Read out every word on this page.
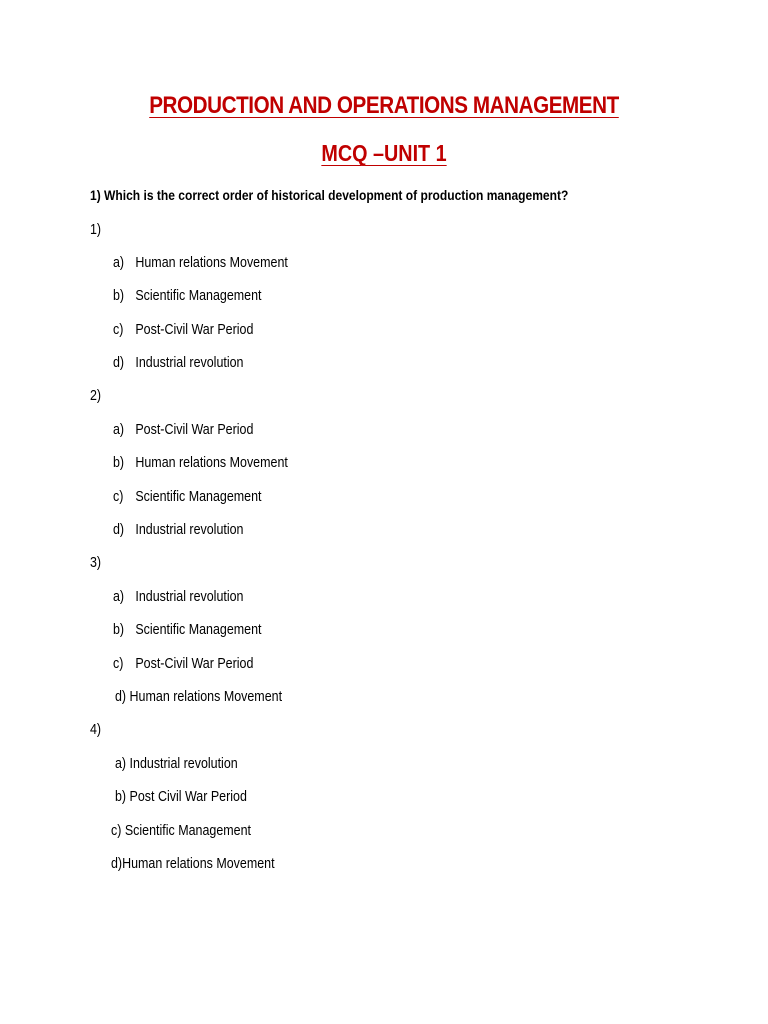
PRODUCTION AND OPERATIONS MANAGEMENT
MCQ –UNIT 1

1) Which is the correct order of historical development of production management?

1)

a) Human relations Movement

b) Scientific Management

c) Post-Civil War Period

d) Industrial revolution

2)

a) Post-Civil War Period

b) Human relations Movement

c) Scientific Management

d) Industrial revolution

3)

a) Industrial revolution

b) Scientific Management

c) Post-Civil War Period

d) Human relations Movement

4)

a) Industrial revolution

b) Post Civil War Period

c) Scientific Management

d)Human relations Movement
